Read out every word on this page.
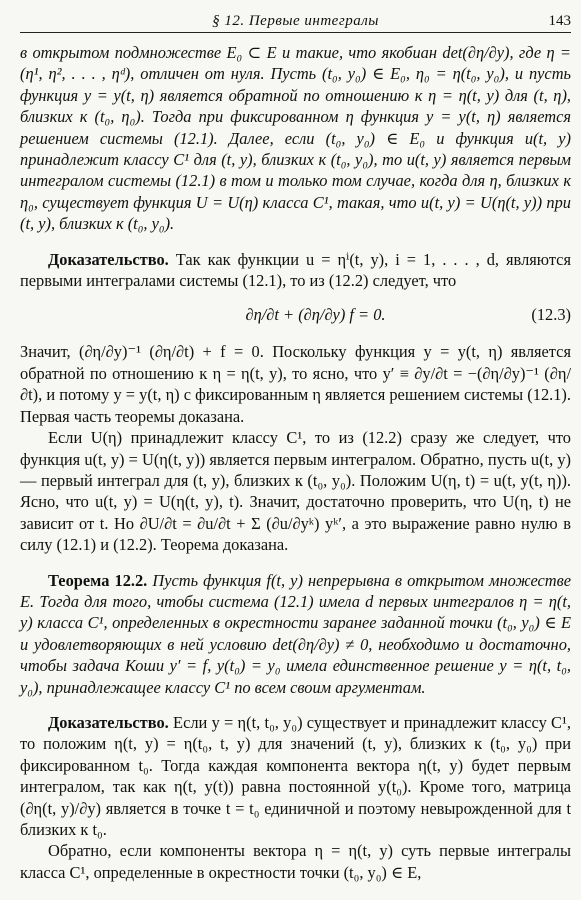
§ 12. Первые интегралы	143

в открытом подмножестве E₀ ⊂ E и такие, что якобиан det(∂η/∂y), где η = (η¹, η², . . . , ηᵈ), отличен от нуля. Пусть (t₀, y₀) ∈ E₀, η₀ = η(t₀, y₀), и пусть функция y = y(t, η) является обратной по отношению к η = η(t, y) для (t, η), близких к (t₀, η₀). Тогда при фиксированном η функция y = y(t, η) является решением системы (12.1). Далее, если (t₀, y₀) ∈ E₀ и функция u(t, y) принадлежит классу C¹ для (t, y), близких к (t₀, y₀), то u(t, y) является первым интегралом системы (12.1) в том и только том случае, когда для η, близких к η₀, существует функция U = U(η) класса C¹, такая, что u(t, y) = U(η(t, y)) при (t, y), близких к (t₀, y₀).

Доказательство. Так как функции u = ηⁱ(t, y), i = 1, . . . , d, являются первыми интегралами системы (12.1), то из (12.2) следует, что

∂η/∂t + (∂η/∂y) f = 0.	(12.3)

Значит, (∂η/∂y)⁻¹ (∂η/∂t) + f = 0. Поскольку функция y = y(t, η) является обратной по отношению к η = η(t, y), то ясно, что y′ ≡ ∂y/∂t = −(∂η/∂y)⁻¹ (∂η/∂t), и потому y = y(t, η) с фиксированным η является решением системы (12.1). Первая часть теоремы доказана.

Если U(η) принадлежит классу C¹, то из (12.2) сразу же следует, что функция u(t, y) = U(η(t, y)) является первым интегралом. Обратно, пусть u(t, y) — первый интеграл для (t, y), близких к (t₀, y₀). Положим U(η, t) = u(t, y(t, η)). Ясно, что u(t, y) = U(η(t, y), t). Значит, достаточно проверить, что U(η, t) не зависит от t. Но ∂U/∂t = ∂u/∂t + Σ (∂u/∂yᵏ) yᵏ′, а это выражение равно нулю в силу (12.1) и (12.2). Теорема доказана.

Теорема 12.2. Пусть функция f(t, y) непрерывна в открытом множестве E. Тогда для того, чтобы система (12.1) имела d первых интегралов η = η(t, y) класса C¹, определенных в окрестности заранее заданной точки (t₀, y₀) ∈ E и удовлетворяющих в ней условию det(∂η/∂y) ≠ 0, необходимо и достаточно, чтобы задача Коши y′ = f, y(t₀) = y₀ имела единственное решение y = η(t, t₀, y₀), принадлежащее классу C¹ по всем своим аргументам.

Доказательство. Если y = η(t, t₀, y₀) существует и принадлежит классу C¹, то положим η(t, y) = η(t₀, t, y) для значений (t, y), близких к (t₀, y₀) при фиксированном t₀. Тогда каждая компонента вектора η(t, y) будет первым интегралом, так как η(t, y(t)) равна постоянной y(t₀). Кроме того, матрица (∂η(t, y)/∂y) является в точке t = t₀ единичной и поэтому невырожденной для t близких к t₀.

Обратно, если компоненты вектора η = η(t, y) суть первые интегралы класса C¹, определенные в окрестности точки (t₀, y₀) ∈ E,
